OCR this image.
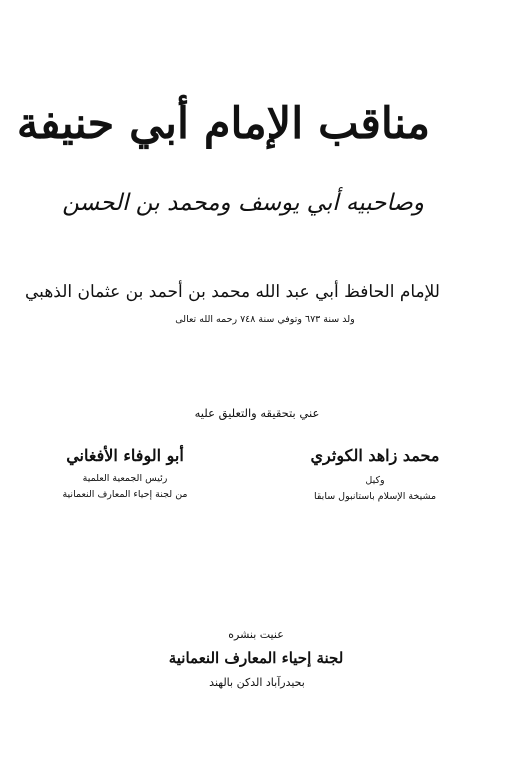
مناقب الإمام أبي حنيفة
وصاحبيه أبي يوسف ومحمد بن الحسن
للإمام الحافظ أبي عبد الله محمد بن أحمد بن عثمان الذهبي
ولد سنة ٦٧٣ وتوفي سنة ٧٤٨ رحمه الله تعالى
عني بتحقيقه والتعليق عليه
محمد زاهد الكوثري
وكيل
مشيخة الإسلام باستانبول سابقا
أبو الوفاء الأفغاني
رئيس الجمعية العلمية
من لجنة إحياء المعارف النعمانية
عنيت بنشره
لجنة إحياء المعارف النعمانية
بحيدرآباد الدكن بالهند
